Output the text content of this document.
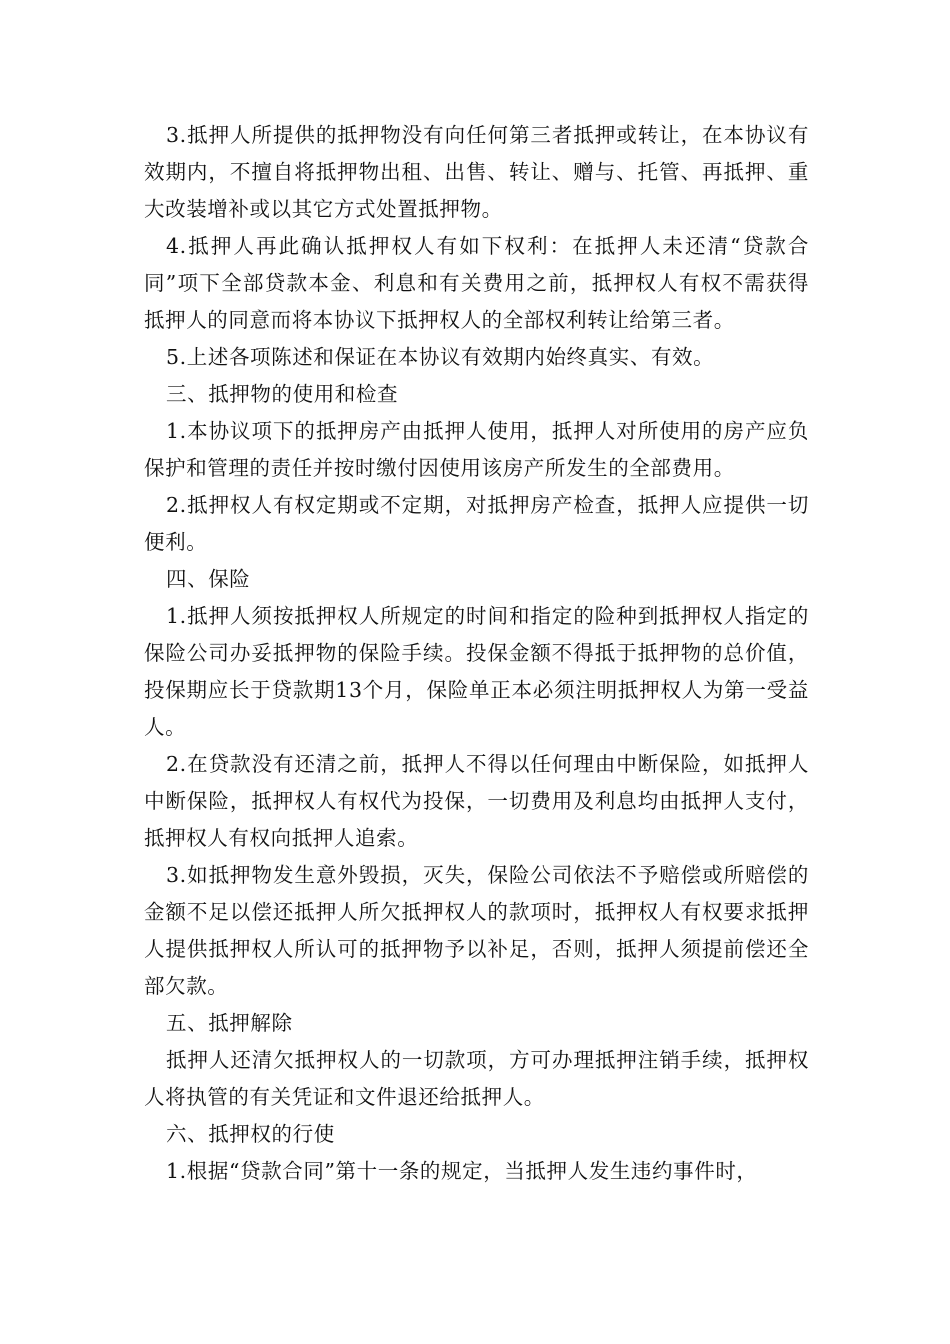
3.抵押人所提供的抵押物没有向任何第三者抵押或转让，在本协议有效期内，不擅自将抵押物出租、出售、转让、赠与、托管、再抵押、重大改装增补或以其它方式处置抵押物。

4.抵押人再此确认抵押权人有如下权利：在抵押人未还清“贷款合同”项下全部贷款本金、利息和有关费用之前，抵押权人有权不需获得抵押人的同意而将本协议下抵押权人的全部权利转让给第三者。

5.上述各项陈述和保证在本协议有效期内始终真实、有效。

三、抵押物的使用和检查

1.本协议项下的抵押房产由抵押人使用，抵押人对所使用的房产应负保护和管理的责任并按时缴付因使用该房产所发生的全部费用。

2.抵押权人有权定期或不定期，对抵押房产检查，抵押人应提供一切便利。

四、保险

1.抵押人须按抵押权人所规定的时间和指定的险种到抵押权人指定的保险公司办妥抵押物的保险手续。投保金额不得抵于抵押物的总价值，投保期应长于贷款期13个月，保险单正本必须注明抵押权人为第一受益人。

2.在贷款没有还清之前，抵押人不得以任何理由中断保险，如抵押人中断保险，抵押权人有权代为投保，一切费用及利息均由抵押人支付，抵押权人有权向抵押人追索。

3.如抵押物发生意外毁损，灭失，保险公司依法不予赔偿或所赔偿的金额不足以偿还抵押人所欠抵押权人的款项时，抵押权人有权要求抵押人提供抵押权人所认可的抵押物予以补足，否则，抵押人须提前偿还全部欠款。

五、抵押解除

抵押人还清欠抵押权人的一切款项，方可办理抵押注销手续，抵押权人将执管的有关凭证和文件退还给抵押人。

六、抵押权的行使

1.根据“贷款合同”第十一条的规定，当抵押人发生违约事件时，
